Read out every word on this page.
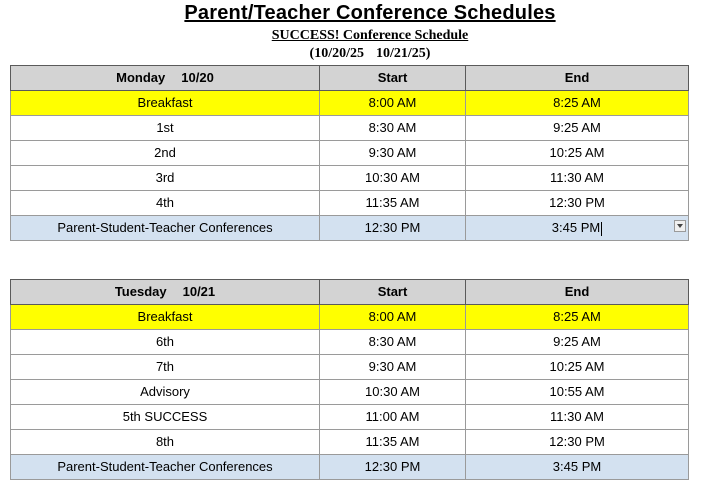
Parent/Teacher Conference Schedules
SUCCESS! Conference Schedule
(10/20/25 10/21/25)
Monday 10/20	Start	End
Breakfast	8:00 AM	8:25 AM
1st	8:30 AM	9:25 AM
2nd	9:30 AM	10:25 AM
3rd	10:30 AM	11:30 AM
4th	11:35 AM	12:30 PM
Parent-Student-Teacher Conferences	12:30 PM	3:45 PM
Tuesday 10/21	Start	End
Breakfast	8:00 AM	8:25 AM
6th	8:30 AM	9:25 AM
7th	9:30 AM	10:25 AM
Advisory	10:30 AM	10:55 AM
5th SUCCESS	11:00 AM	11:30 AM
8th	11:35 AM	12:30 PM
Parent-Student-Teacher Conferences	12:30 PM	3:45 PM
